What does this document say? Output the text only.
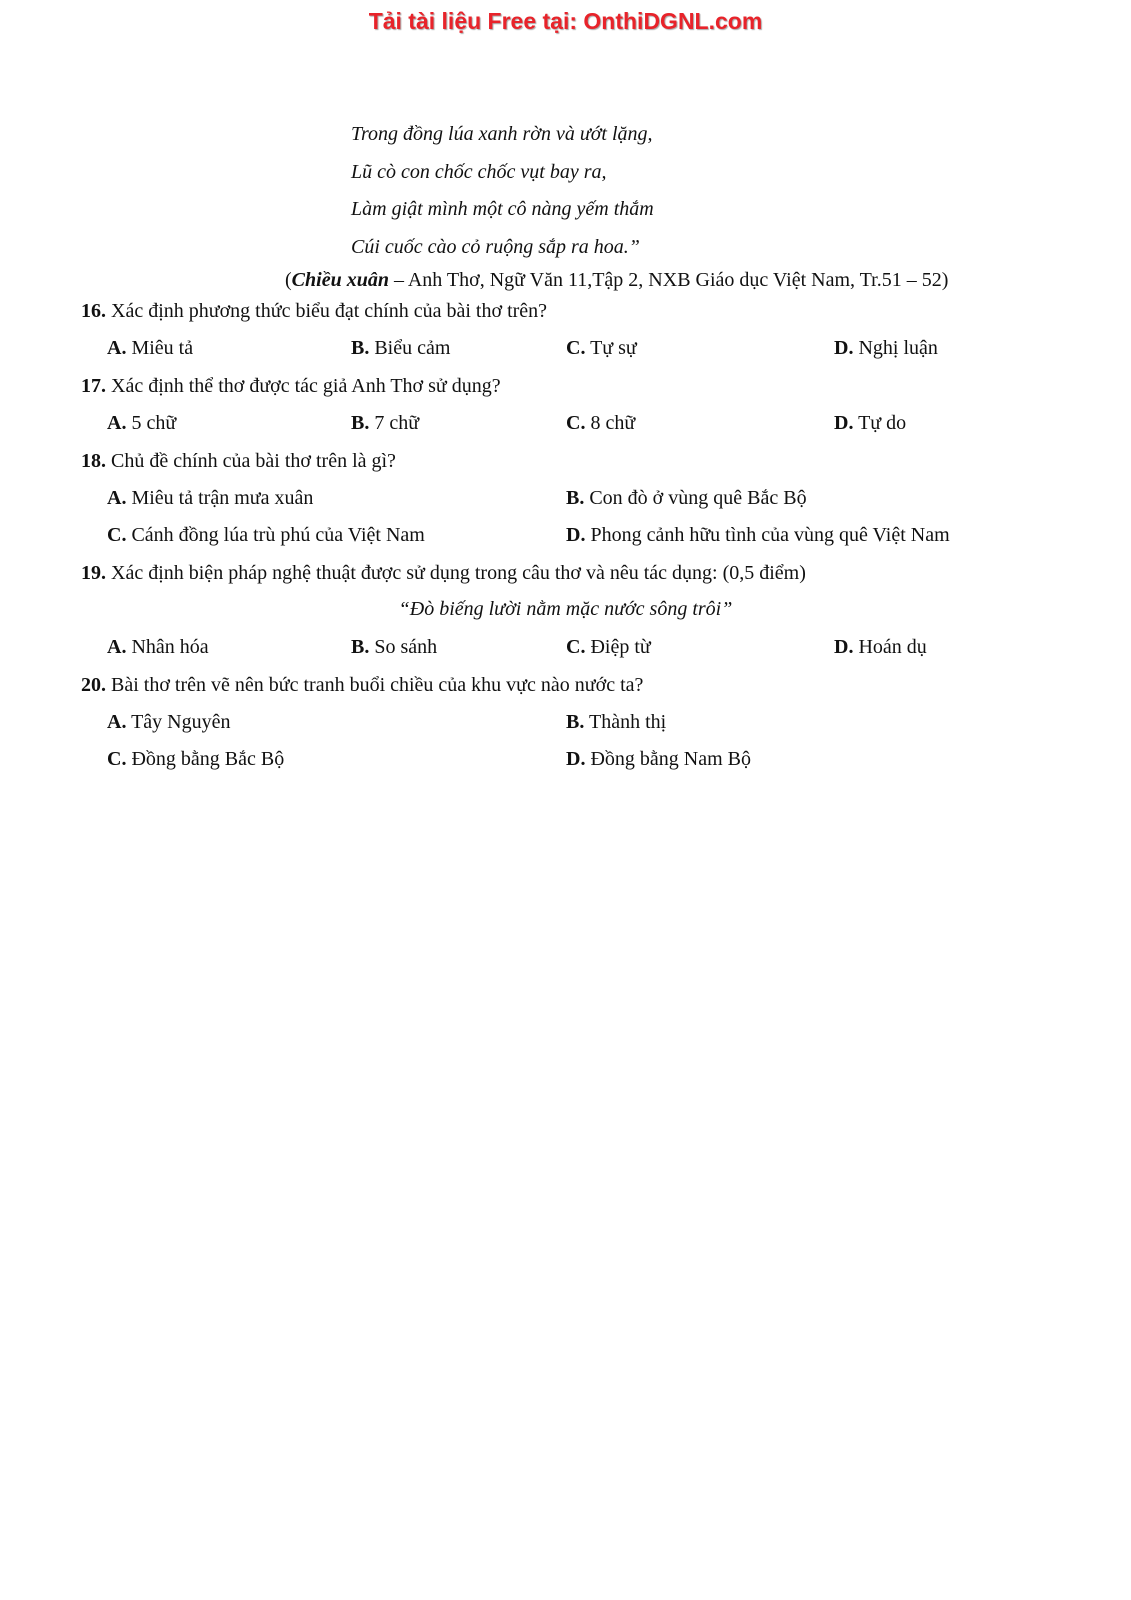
Tải tài liệu Free tại: OnthiDGNL.com
Trong đồng lúa xanh rờn và ướt lặng,
Lũ cò con chốc chốc vụt bay ra,
Làm giật mình một cô nàng yếm thắm
Cúi cuốc cào cỏ ruộng sắp ra hoa.”
(Chiều xuân – Anh Thơ, Ngữ Văn 11,Tập 2, NXB Giáo dục Việt Nam, Tr.51 – 52)
16. Xác định phương thức biểu đạt chính của bài thơ trên?
A. Miêu tả	B. Biểu cảm	C. Tự sự	D. Nghị luận
17. Xác định thể thơ được tác giả Anh Thơ sử dụng?
A. 5 chữ	B. 7 chữ	C. 8 chữ	D. Tự do
18. Chủ đề chính của bài thơ trên là gì?
A. Miêu tả trận mưa xuân	B. Con đò ở vùng quê Bắc Bộ
C. Cánh đồng lúa trù phú của Việt Nam	D. Phong cảnh hữu tình của vùng quê Việt Nam
19. Xác định biện pháp nghệ thuật được sử dụng trong câu thơ và nêu tác dụng: (0,5 điểm)
“Đò biếng lười nằm mặc nước sông trôi”
A. Nhân hóa	B. So sánh	C. Điệp từ	D. Hoán dụ
20. Bài thơ trên vẽ nên bức tranh buổi chiều của khu vực nào nước ta?
A. Tây Nguyên	B. Thành thị
C. Đồng bằng Bắc Bộ	D. Đồng bằng Nam Bộ
